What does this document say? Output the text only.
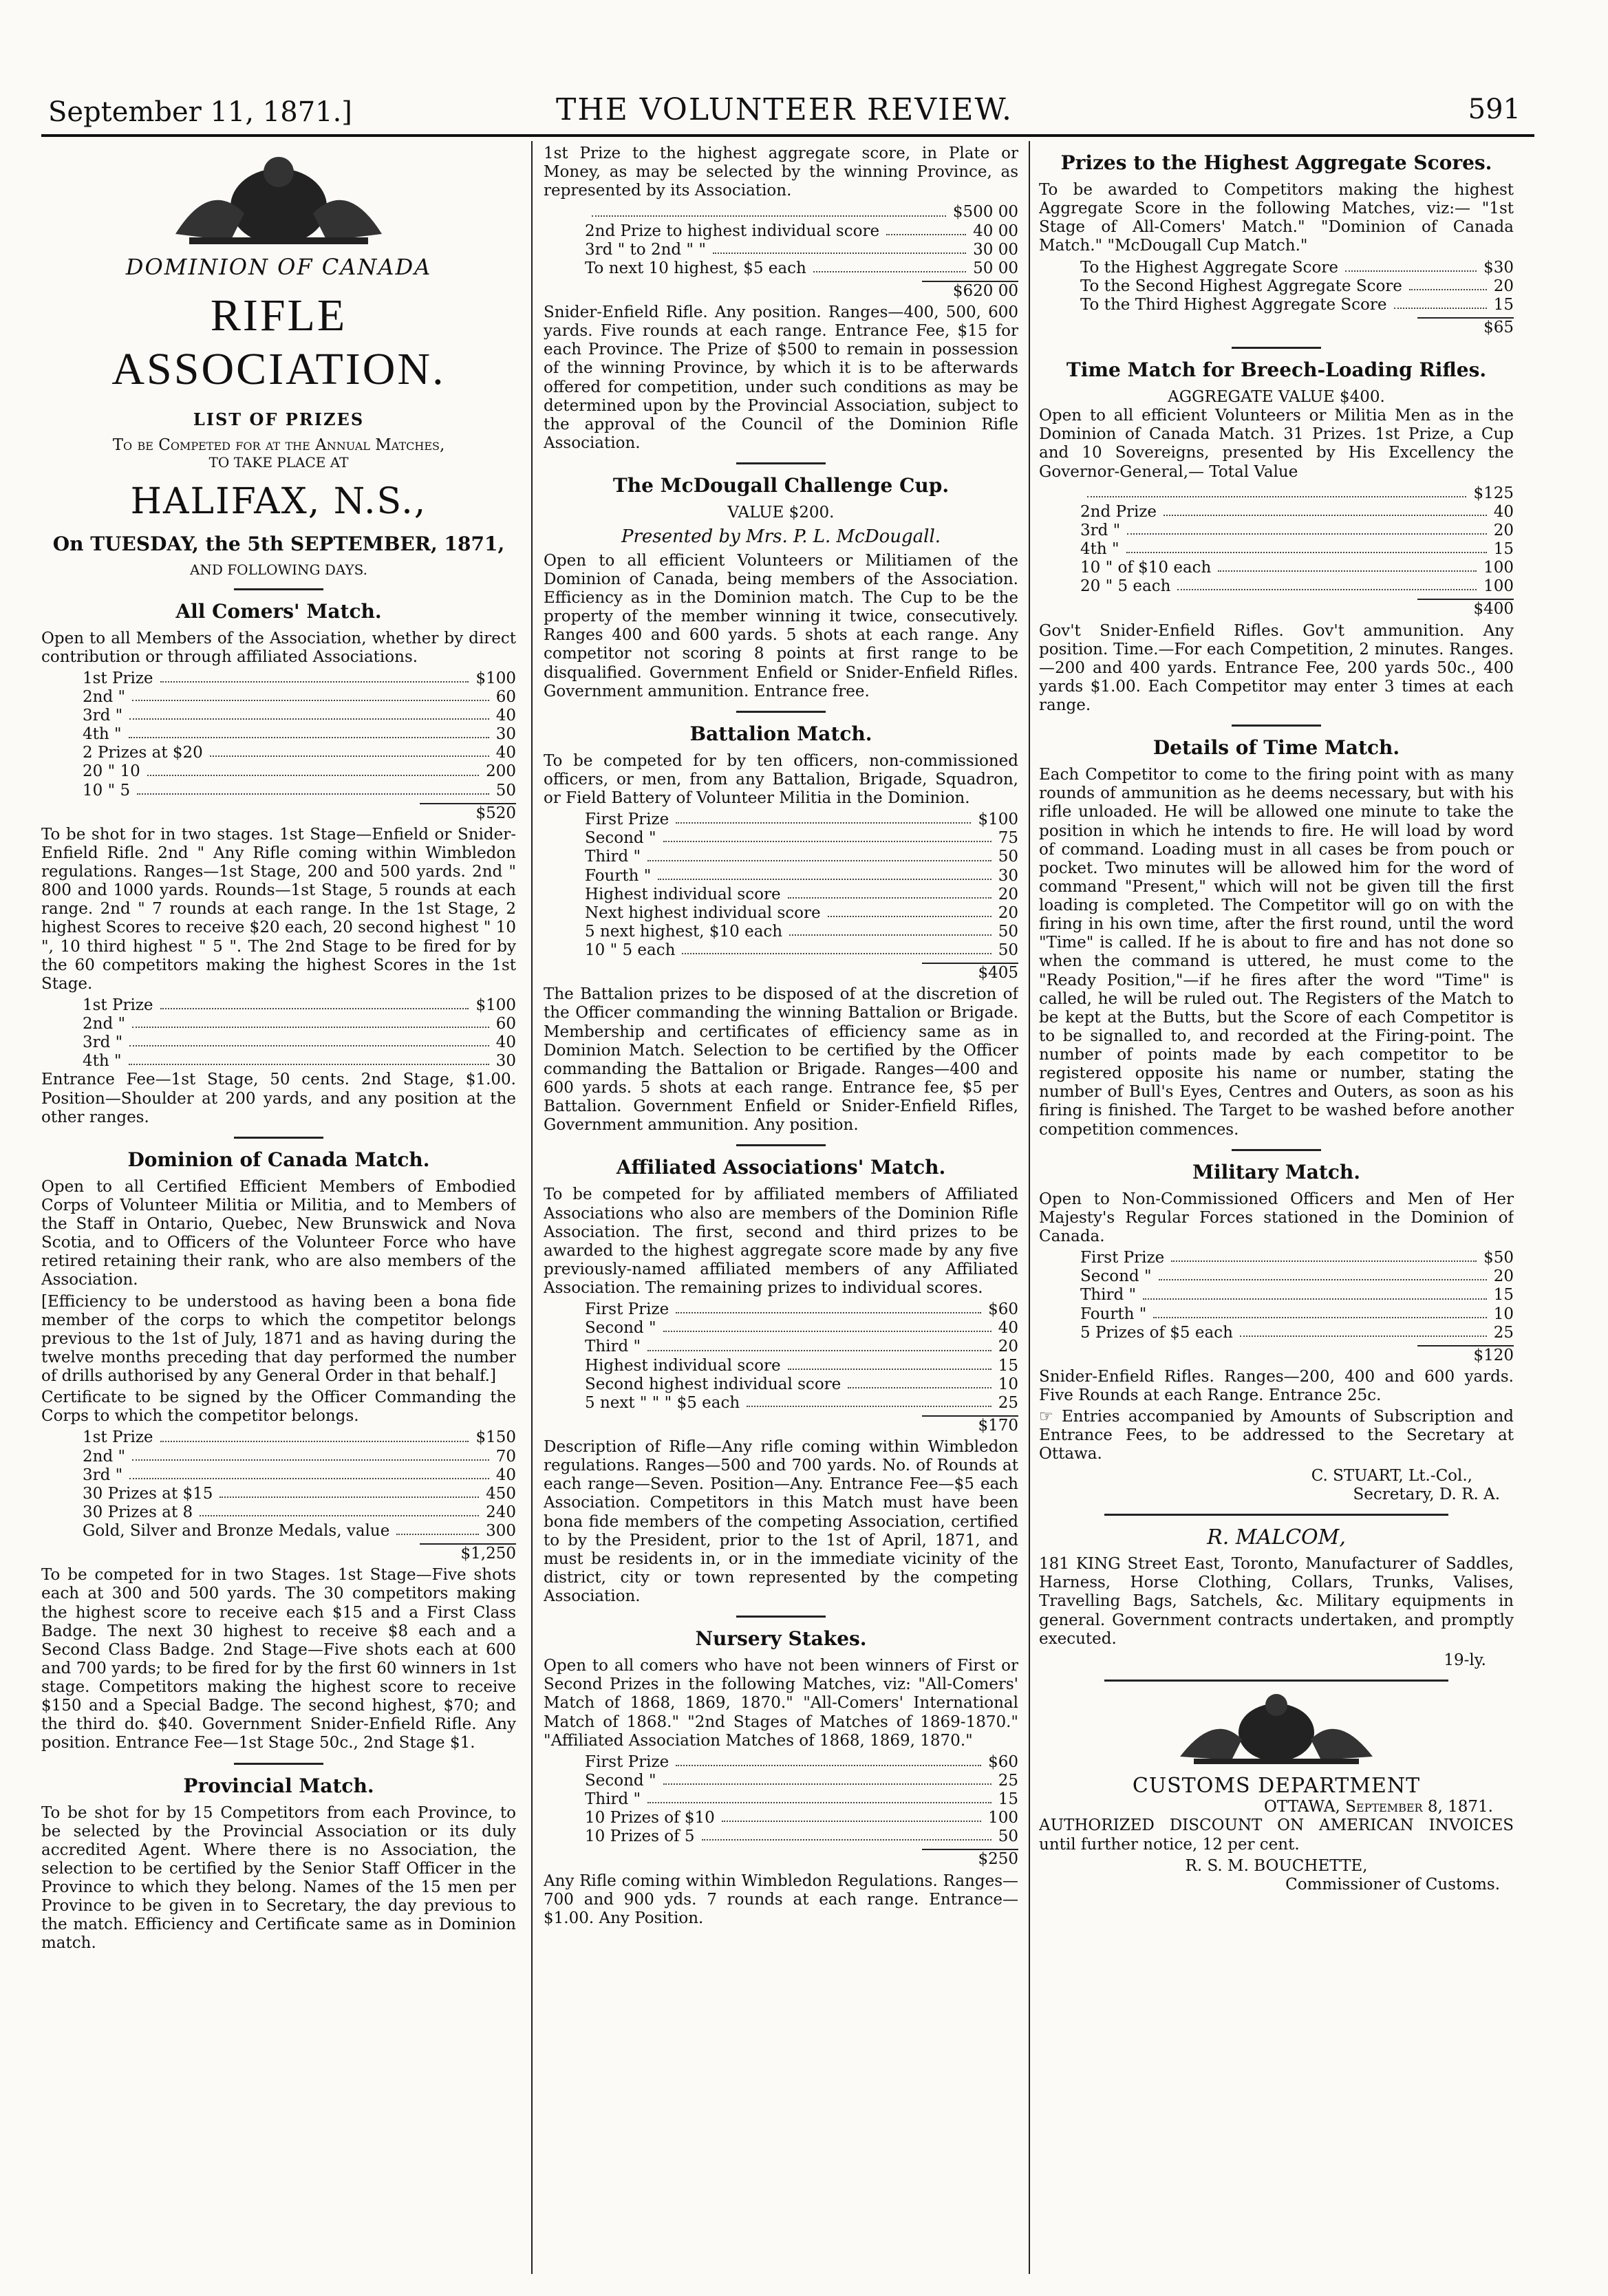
September 11, 1871.]	THE VOLUNTEER REVIEW.	591
DOMINION OF CANADA
RIFLE ASSOCIATION.
LIST OF PRIZES
To be Competed for at the Annual Matches,
TO TAKE PLACE AT
HALIFAX, N.S.,
On TUESDAY, the 5th SEPTEMBER, 1871,
AND FOLLOWING DAYS.
All Comers' Match.

Open to all Members of the Association, whether by direct contribution or through affiliated Associations.

1st Prize	$100
2nd "	60
3rd "	40
4th "	30
2 Prizes at $20	40
20 " 10	200
10 " 5	50
$520

To be shot for in two stages. 1st Stage—Enfield or Snider-Enfield Rifle. 2nd " Any Rifle coming within Wimbledon regulations. Ranges—1st Stage, 200 and 500 yards. 2nd " 800 and 1000 yards. Rounds—1st Stage, 5 rounds at each range. 2nd " 7 rounds at each range. In the 1st Stage, 2 highest Scores to receive $20 each, 20 second highest " 10 ", 10 third highest " 5 ". The 2nd Stage to be fired for by the 60 competitors making the highest Scores in the 1st Stage.

1st Prize	$100
2nd "	60
3rd "	40
4th "	30

Entrance Fee—1st Stage, 50 cents. 2nd Stage, $1.00. Position—Shoulder at 200 yards, and any position at the other ranges.

Dominion of Canada Match.

Open to all Certified Efficient Members of Embodied Corps of Volunteer Militia or Militia, and to Members of the Staff in Ontario, Quebec, New Brunswick and Nova Scotia, and to Officers of the Volunteer Force who have retired retaining their rank, who are also members of the Association.

[Efficiency to be understood as having been a bona fide member of the corps to which the competitor belongs previous to the 1st of July, 1871 and as having during the twelve months preceding that day performed the number of drills authorised by any General Order in that behalf.]

Certificate to be signed by the Officer Commanding the Corps to which the competitor belongs.

1st Prize	$150
2nd "	70
3rd "	40
30 Prizes at $15	450
30 Prizes at 8	240
Gold, Silver and Bronze Medals, value	300
$1,250

To be competed for in two Stages. 1st Stage—Five shots each at 300 and 500 yards. The 30 competitors making the highest score to receive each $15 and a First Class Badge. The next 30 highest to receive $8 each and a Second Class Badge. 2nd Stage—Five shots each at 600 and 700 yards; to be fired for by the first 60 winners in 1st stage. Competitors making the highest score to receive $150 and a Special Badge. The second highest, $70; and the third do. $40. Government Snider-Enfield Rifle. Any position. Entrance Fee—1st Stage 50c., 2nd Stage $1.

Provincial Match.

To be shot for by 15 Competitors from each Province, to be selected by the Provincial Association or its duly accredited Agent. Where there is no Association, the selection to be certified by the Senior Staff Officer in the Province to which they belong. Names of the 15 men per Province to be given in to Secretary, the day previous to the match. Efficiency and Certificate same as in Dominion match.

1st Prize to the highest aggregate score, in Plate or Money, as may be selected by the winning Province, as represented by its Association.

$500 00
2nd Prize to highest individual score	40 00
3rd " to 2nd " "	30 00
To next 10 highest, $5 each	50 00
$620 00

Snider-Enfield Rifle. Any position. Ranges—400, 500, 600 yards. Five rounds at each range. Entrance Fee, $15 for each Province. The Prize of $500 to remain in possession of the winning Province, by which it is to be afterwards offered for competition, under such conditions as may be determined upon by the Provincial Association, subject to the approval of the Council of the Dominion Rifle Association.

The McDougall Challenge Cup.
VALUE $200.
Presented by Mrs. P. L. McDougall.

Open to all efficient Volunteers or Militiamen of the Dominion of Canada, being members of the Association. Efficiency as in the Dominion match. The Cup to be the property of the member winning it twice, consecutively. Ranges 400 and 600 yards. 5 shots at each range. Any competitor not scoring 8 points at first range to be disqualified. Government Enfield or Snider-Enfield Rifles. Government ammunition. Entrance free.

Battalion Match.

To be competed for by ten officers, non-commissioned officers, or men, from any Battalion, Brigade, Squadron, or Field Battery of Volunteer Militia in the Dominion.

First Prize	$100
Second "	75
Third "	50
Fourth "	30
Highest individual score	20
Next highest individual score	20
5 next highest, $10 each	50
10 " 5 each	50
$405

The Battalion prizes to be disposed of at the discretion of the Officer commanding the winning Battalion or Brigade. Membership and certificates of efficiency same as in Dominion Match. Selection to be certified by the Officer commanding the Battalion or Brigade. Ranges—400 and 600 yards. 5 shots at each range. Entrance fee, $5 per Battalion. Government Enfield or Snider-Enfield Rifles, Government ammunition. Any position.

Affiliated Associations' Match.

To be competed for by affiliated members of Affiliated Associations who also are members of the Dominion Rifle Association. The first, second and third prizes to be awarded to the highest aggregate score made by any five previously-named affiliated members of any Affiliated Association. The remaining prizes to individual scores.

First Prize	$60
Second "	40
Third "	20
Highest individual score	15
Second highest individual score	10
5 next " " " $5 each	25
$170

Description of Rifle—Any rifle coming within Wimbledon regulations. Ranges—500 and 700 yards. No. of Rounds at each range—Seven. Position—Any. Entrance Fee—$5 each Association. Competitors in this Match must have been bona fide members of the competing Association, certified to by the President, prior to the 1st of April, 1871, and must be residents in, or in the immediate vicinity of the district, city or town represented by the competing Association.

Nursery Stakes.

Open to all comers who have not been winners of First or Second Prizes in the following Matches, viz: "All-Comers' Match of 1868, 1869, 1870." "All-Comers' International Match of 1868." "2nd Stages of Matches of 1869-1870." "Affiliated Association Matches of 1868, 1869, 1870."

First Prize	$60
Second "	25
Third "	15
10 Prizes of $10	100
10 Prizes of 5	50
$250

Any Rifle coming within Wimbledon Regulations. Ranges—700 and 900 yds. 7 rounds at each range. Entrance—$1.00. Any Position.

Prizes to the Highest Aggregate Scores.

To be awarded to Competitors making the highest Aggregate Score in the following Matches, viz:— "1st Stage of All-Comers' Match." "Dominion of Canada Match." "McDougall Cup Match."

To the Highest Aggregate Score	$30
To the Second Highest Aggregate Score	20
To the Third Highest Aggregate Score	15
$65
Time Match for Breech-Loading Rifles.
AGGREGATE VALUE $400.

Open to all efficient Volunteers or Militia Men as in the Dominion of Canada Match. 31 Prizes. 1st Prize, a Cup and 10 Sovereigns, presented by His Excellency the Governor-General,— Total Value

$125
2nd Prize	40
3rd "	20
4th "	15
10 " of $10 each	100
20 " 5 each	100
$400

Gov't Snider-Enfield Rifles. Gov't ammunition. Any position. Time.—For each Competition, 2 minutes. Ranges.—200 and 400 yards. Entrance Fee, 200 yards 50c., 400 yards $1.00. Each Competitor may enter 3 times at each range.

Details of Time Match.

Each Competitor to come to the firing point with as many rounds of ammunition as he deems necessary, but with his rifle unloaded. He will be allowed one minute to take the position in which he intends to fire. He will load by word of command. Loading must in all cases be from pouch or pocket. Two minutes will be allowed him for the word of command "Present," which will not be given till the first loading is completed. The Competitor will go on with the firing in his own time, after the first round, until the word "Time" is called. If he is about to fire and has not done so when the command is uttered, he must come to the "Ready Position,"—if he fires after the word "Time" is called, he will be ruled out. The Registers of the Match to be kept at the Butts, but the Score of each Competitor is to be signalled to, and recorded at the Firing-point. The number of points made by each competitor to be registered opposite his name or number, stating the number of Bull's Eyes, Centres and Outers, as soon as his firing is finished. The Target to be washed before another competition commences.

Military Match.

Open to Non-Commissioned Officers and Men of Her Majesty's Regular Forces stationed in the Dominion of Canada.

First Prize	$50
Second "	20
Third "	15
Fourth "	10
5 Prizes of $5 each	25
$120

Snider-Enfield Rifles. Ranges—200, 400 and 600 yards. Five Rounds at each Range. Entrance 25c.

☞ Entries accompanied by Amounts of Subscription and Entrance Fees, to be addressed to the Secretary at Ottawa.

C. STUART, Lt.-Col.,
Secretary, D. R. A.
R. MALCOM,

181 KING Street East, Toronto, Manufacturer of Saddles, Harness, Horse Clothing, Collars, Trunks, Valises, Travelling Bags, Satchels, &c. Military equipments in general. Government contracts undertaken, and promptly executed.

19-ly.
CUSTOMS DEPARTMENT
OTTAWA, September 8, 1871.

AUTHORIZED DISCOUNT ON AMERICAN INVOICES until further notice, 12 per cent.

R. S. M. BOUCHETTE,
Commissioner of Customs.
